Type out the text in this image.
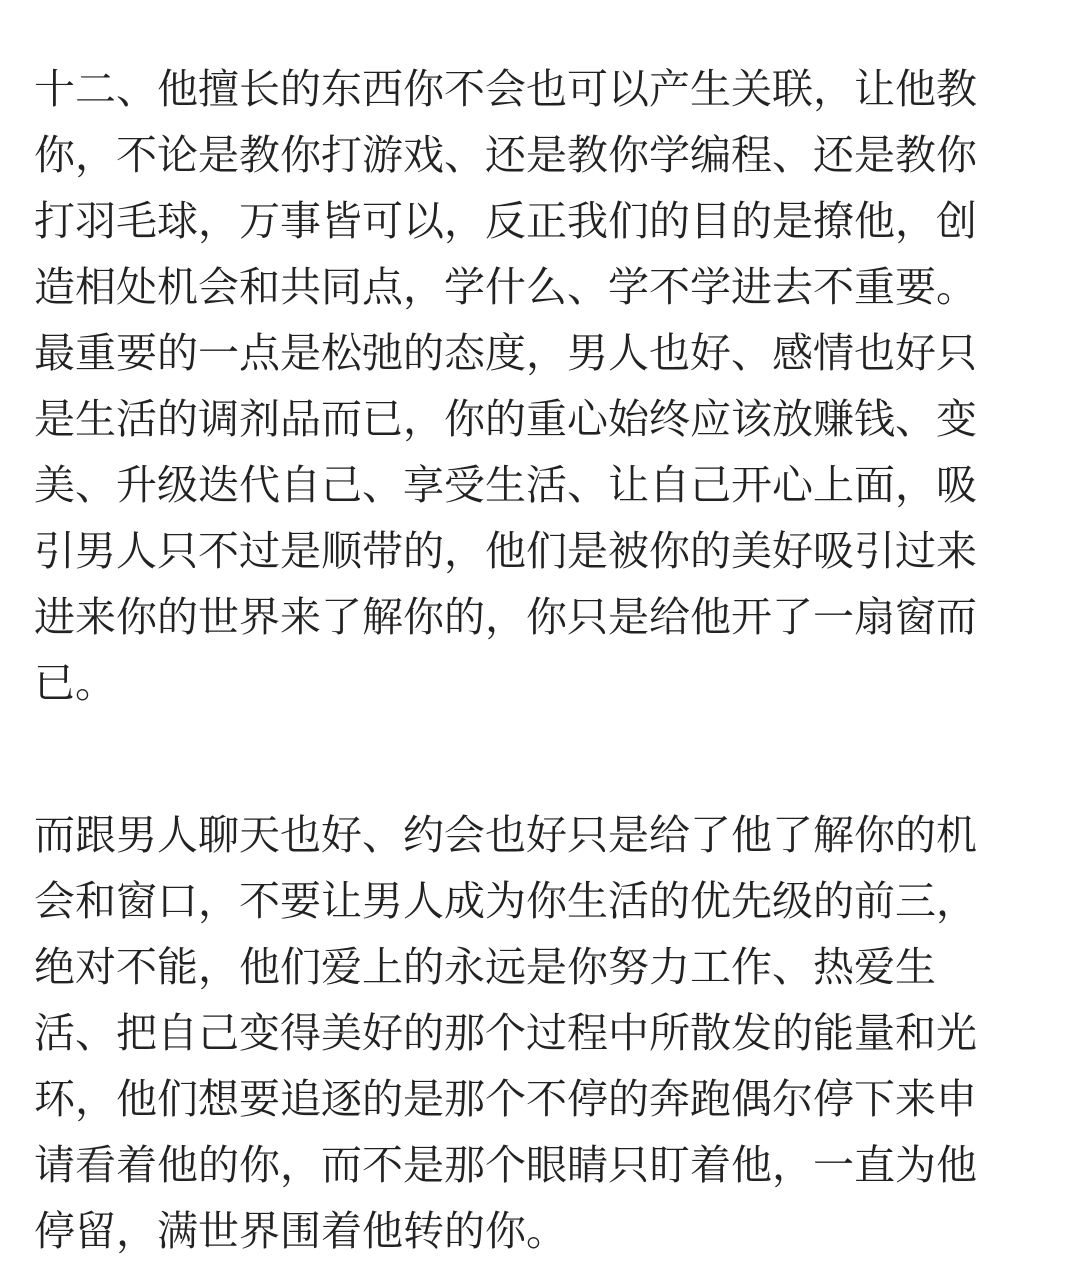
十二、他擅长的东西你不会也可以产生关联，让他教
你，不论是教你打游戏、还是教你学编程、还是教你
打羽毛球，万事皆可以，反正我们的目的是撩他，创
造相处机会和共同点，学什么、学不学进去不重要。
最重要的一点是松弛的态度，男人也好、感情也好只
是生活的调剂品而已，你的重心始终应该放赚钱、变
美、升级迭代自己、享受生活、让自己开心上面，吸
引男人只不过是顺带的，他们是被你的美好吸引过来
进来你的世界来了解你的，你只是给他开了一扇窗而
已。
而跟男人聊天也好、约会也好只是给了他了解你的机
会和窗口，不要让男人成为你生活的优先级的前三，
绝对不能，他们爱上的永远是你努力工作、热爱生
活、把自己变得美好的那个过程中所散发的能量和光
环，他们想要追逐的是那个不停的奔跑偶尔停下来申
请看着他的你，而不是那个眼睛只盯着他，一直为他
停留，满世界围着他转的你。
